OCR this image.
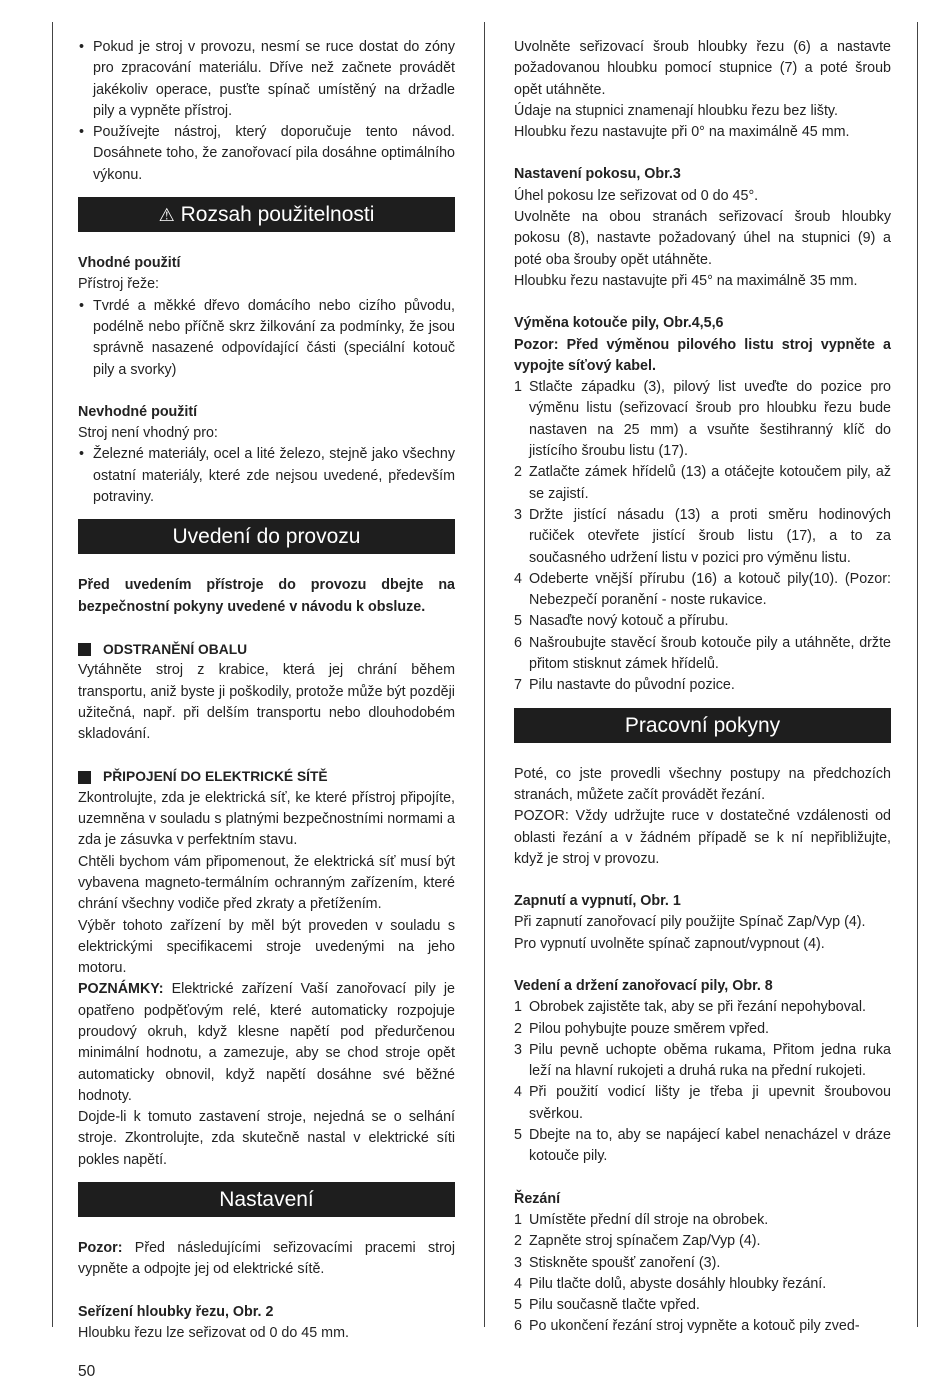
• Pokud je stroj v provozu, nesmí se ruce dostat do zóny pro zpracování materiálu. Dříve než začnete provádět jakékoliv operace, pusťte spínač umístěný na držadle pily a vypněte přístroj.
• Používejte nástroj, který doporučuje tento návod. Dosáhnete toho, že zanořovací pila dosáhne optimálního výkonu.
⚠ Rozsah použitelnosti

Vhodné použití

Přístroj řeže:

• Tvrdé a měkké dřevo domácího nebo cizího původu, podélně nebo příčně skrz žilkování za podmínky, že jsou správně nasazené odpovídající části (speciální kotouč pily a svorky)

Nevhodné použití

Stroj není vhodný pro:

• Železné materiály, ocel a lité železo, stejně jako všechny ostatní materiály, které zde nejsou uvedené, především potraviny.
Uvedení do provozu

Před uvedením přístroje do provozu dbejte na bezpečnostní pokyny uvedené v návodu k obsluze.

ODSTRANĚNÍ OBALU

Vytáhněte stroj z krabice, která jej chrání během transportu, aniž byste ji poškodily, protože může být později užitečná, např. při delším transportu nebo dlouhodobém skladování.

PŘIPOJENÍ DO ELEKTRICKÉ SÍTĚ

Zkontrolujte, zda je elektrická síť, ke které přístroj připojíte, uzemněna v souladu s platnými bezpečnostními normami a zda je zásuvka v perfektním stavu.

Chtěli bychom vám připomenout, že elektrická síť musí být vybavena magneto-termálním ochranným zařízením, které chrání všechny vodiče před zkraty a přetížením.

Výběr tohoto zařízení by měl být proveden v souladu s elektrickými specifikacemi stroje uvedenými na jeho motoru.

POZNÁMKY: Elektrické zařízení Vaší zanořovací pily je opatřeno podpěťovým relé, které automaticky rozpojuje proudový okruh, když klesne napětí pod předurčenou minimální hodnotu, a zamezuje, aby se chod stroje opět automaticky obnovil, když napětí dosáhne své běžné hodnoty.

Dojde-li k tomuto zastavení stroje, nejedná se o selhání stroje. Zkontrolujte, zda skutečně nastal v elektrické síti pokles napětí.

Nastavení

Pozor: Před následujícími seřizovacími pracemi stroj vypněte a odpojte jej od elektrické sítě.

Seřízení hloubky řezu, Obr. 2

Hloubku řezu lze seřizovat od 0 do 45 mm.

Uvolněte seřizovací šroub hloubky řezu (6) a nastavte požadovanou hloubku pomocí stupnice (7) a poté šroub opět utáhněte.

Údaje na stupnici znamenají hloubku řezu bez lišty.

Hloubku řezu nastavujte při 0° na maximálně 45 mm.

Nastavení pokosu, Obr.3

Úhel pokosu lze seřizovat od 0 do 45°.

Uvolněte na obou stranách seřizovací šroub hloubky pokosu (8), nastavte požadovaný úhel na stupnici (9) a poté oba šrouby opět utáhněte.

Hloubku řezu nastavujte při 45° na maximálně 35 mm.

Výměna kotouče pily, Obr.4,5,6

Pozor: Před výměnou pilového listu stroj vypněte a vypojte síťový kabel.

1 Stlačte západku (3), pilový list uveďte do pozice pro výměnu listu (seřizovací šroub pro hloubku řezu bude nastaven na 25 mm) a vsuňte šestihranný klíč do jistícího šroubu listu (17).
2 Zatlačte zámek hřídelů (13) a otáčejte kotoučem pily, až se zajistí.
3 Držte jistící násadu (13) a proti směru hodinových ručiček otevřete jistící šroub listu (17), a to za současného udržení listu v pozici pro výměnu listu.
4 Odeberte vnější přírubu (16) a kotouč pily(10). (Pozor: Nebezpečí poranění - noste rukavice.
5 Nasaďte nový kotouč a přírubu.
6 Našroubujte stavěcí šroub kotouče pily a utáhněte, držte přitom stisknut zámek hřídelů.
7 Pilu nastavte do původní pozice.
Pracovní pokyny

Poté, co jste provedli všechny postupy na předchozích stranách, můžete začít provádět řezání.

POZOR: Vždy udržujte ruce v dostatečné vzdálenosti od oblasti řezání a v žádném případě se k ní nepřibližujte, když je stroj v provozu.

Zapnutí a vypnutí, Obr. 1

Při zapnutí zanořovací pily použijte Spínač Zap/Vyp (4).

Pro vypnutí uvolněte spínač zapnout/vypnout (4).

Vedení a držení zanořovací pily, Obr. 8

1 Obrobek zajistěte tak, aby se při řezání nepohyboval.
2 Pilou pohybujte pouze směrem vpřed.
3 Pilu pevně uchopte oběma rukama, Přitom jedna ruka leží na hlavní rukojeti a druhá ruka na přední rukojeti.
4 Při použití vodicí lišty je třeba ji upevnit šroubovou svěrkou.
5 Dbejte na to, aby se napájecí kabel nenacházel v dráze kotouče pily.

Řezání

1 Umístěte přední díl stroje na obrobek.
2 Zapněte stroj spínačem Zap/Vyp (4).
3 Stiskněte spoušť zanoření (3).
4 Pilu tlačte dolů, abyste dosáhly hloubky řezání.
5 Pilu současně tlačte vpřed.
6 Po ukončení řezání stroj vypněte a kotouč pily zved-
50
